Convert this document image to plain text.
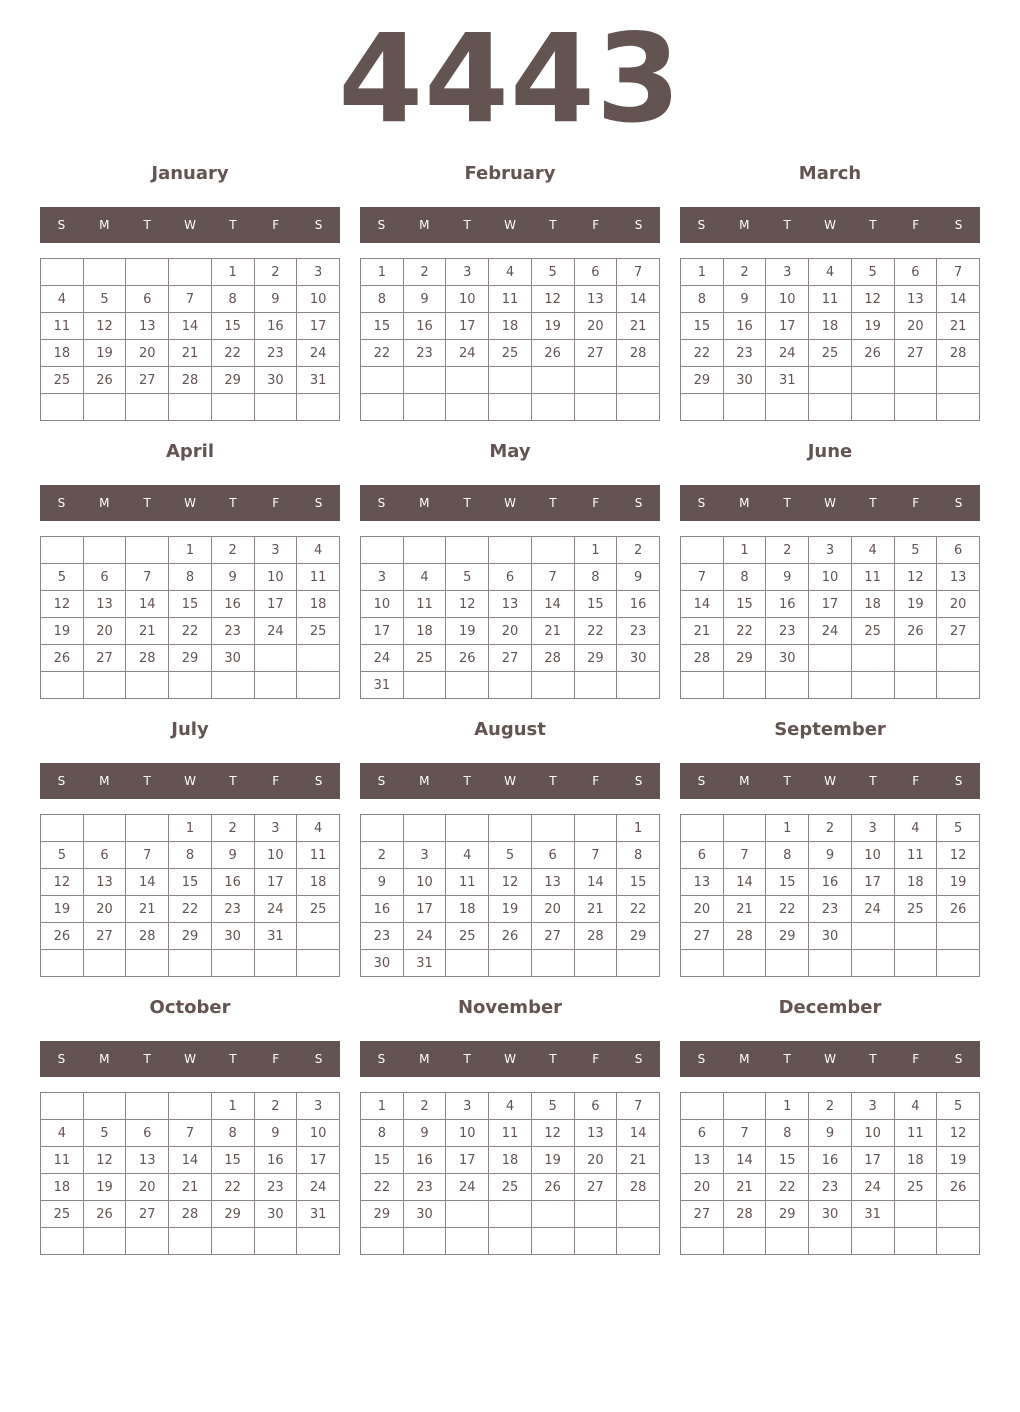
4443
January
S	M	T	W	T	F	S
				1	2	3
4	5	6	7	8	9	10
11	12	13	14	15	16	17
18	19	20	21	22	23	24
25	26	27	28	29	30	31

February
S	M	T	W	T	F	S
1	2	3	4	5	6	7
8	9	10	11	12	13	14
15	16	17	18	19	20	21
22	23	24	25	26	27	28

March
S	M	T	W	T	F	S
1	2	3	4	5	6	7
8	9	10	11	12	13	14
15	16	17	18	19	20	21
22	23	24	25	26	27	28
29	30	31				

April
S	M	T	W	T	F	S
			1	2	3	4
5	6	7	8	9	10	11
12	13	14	15	16	17	18
19	20	21	22	23	24	25
26	27	28	29	30		

May
S	M	T	W	T	F	S
					1	2
3	4	5	6	7	8	9
10	11	12	13	14	15	16
17	18	19	20	21	22	23
24	25	26	27	28	29	30
31						
June
S	M	T	W	T	F	S
	1	2	3	4	5	6
7	8	9	10	11	12	13
14	15	16	17	18	19	20
21	22	23	24	25	26	27
28	29	30				

July
S	M	T	W	T	F	S
			1	2	3	4
5	6	7	8	9	10	11
12	13	14	15	16	17	18
19	20	21	22	23	24	25
26	27	28	29	30	31	

August
S	M	T	W	T	F	S
						1
2	3	4	5	6	7	8
9	10	11	12	13	14	15
16	17	18	19	20	21	22
23	24	25	26	27	28	29
30	31					
September
S	M	T	W	T	F	S
		1	2	3	4	5
6	7	8	9	10	11	12
13	14	15	16	17	18	19
20	21	22	23	24	25	26
27	28	29	30			

October
S	M	T	W	T	F	S
				1	2	3
4	5	6	7	8	9	10
11	12	13	14	15	16	17
18	19	20	21	22	23	24
25	26	27	28	29	30	31

November
S	M	T	W	T	F	S
1	2	3	4	5	6	7
8	9	10	11	12	13	14
15	16	17	18	19	20	21
22	23	24	25	26	27	28
29	30					

December
S	M	T	W	T	F	S
		1	2	3	4	5
6	7	8	9	10	11	12
13	14	15	16	17	18	19
20	21	22	23	24	25	26
27	28	29	30	31		
